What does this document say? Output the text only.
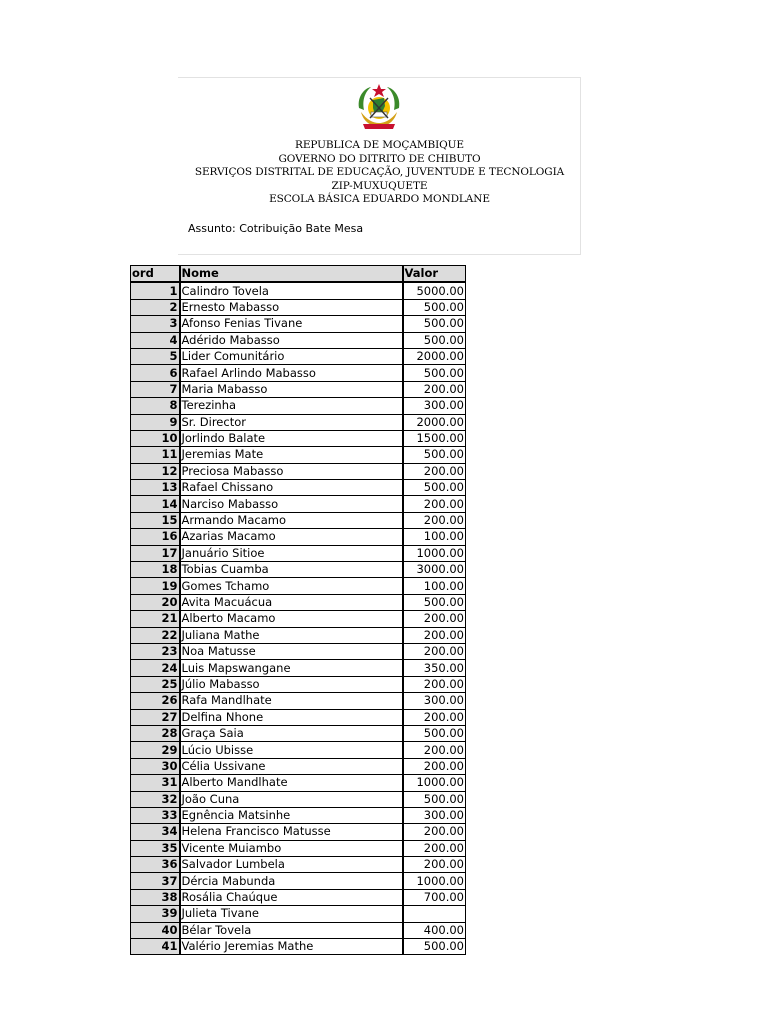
REPUBLICA DE MOÇAMBIQUE
GOVERNO DO DITRITO DE CHIBUTO
SERVIÇOS DISTRITAL DE EDUCAÇÃO, JUVENTUDE E TECNOLOGIA
ZIP-MUXUQUETE
ESCOLA BÁSICA EDUARDO MONDLANE
Assunto: Cotribuição Bate Mesa
ord	Nome	Valor
1	Calindro Tovela	5000.00
2	Ernesto Mabasso	500.00
3	Afonso Fenias Tivane	500.00
4	Adérido Mabasso	500.00
5	Lider Comunitário	2000.00
6	Rafael Arlindo Mabasso	500.00
7	Maria Mabasso	200.00
8	Terezinha	300.00
9	Sr. Director	2000.00
10	Jorlindo Balate	1500.00
11	Jeremias Mate	500.00
12	Preciosa Mabasso	200.00
13	Rafael Chissano	500.00
14	Narciso Mabasso	200.00
15	Armando Macamo	200.00
16	Azarias Macamo	100.00
17	Januário Sitioe	1000.00
18	Tobias Cuamba	3000.00
19	Gomes Tchamo	100.00
20	Avita Macuácua	500.00
21	Alberto Macamo	200.00
22	Juliana Mathe	200.00
23	Noa Matusse	200.00
24	Luis Mapswangane	350.00
25	Júlio Mabasso	200.00
26	Rafa Mandlhate	300.00
27	Delfina Nhone	200.00
28	Graça Saia	500.00
29	Lúcio Ubisse	200.00
30	Célia Ussivane	200.00
31	Alberto Mandlhate	1000.00
32	João Cuna	500.00
33	Egnência Matsinhe	300.00
34	Helena Francisco Matusse	200.00
35	Vicente Muiambo	200.00
36	Salvador Lumbela	200.00
37	Dércia Mabunda	1000.00
38	Rosália Chaúque	700.00
39	Julieta Tivane	
40	Bélar Tovela	400.00
41	Valério Jeremias Mathe	500.00
